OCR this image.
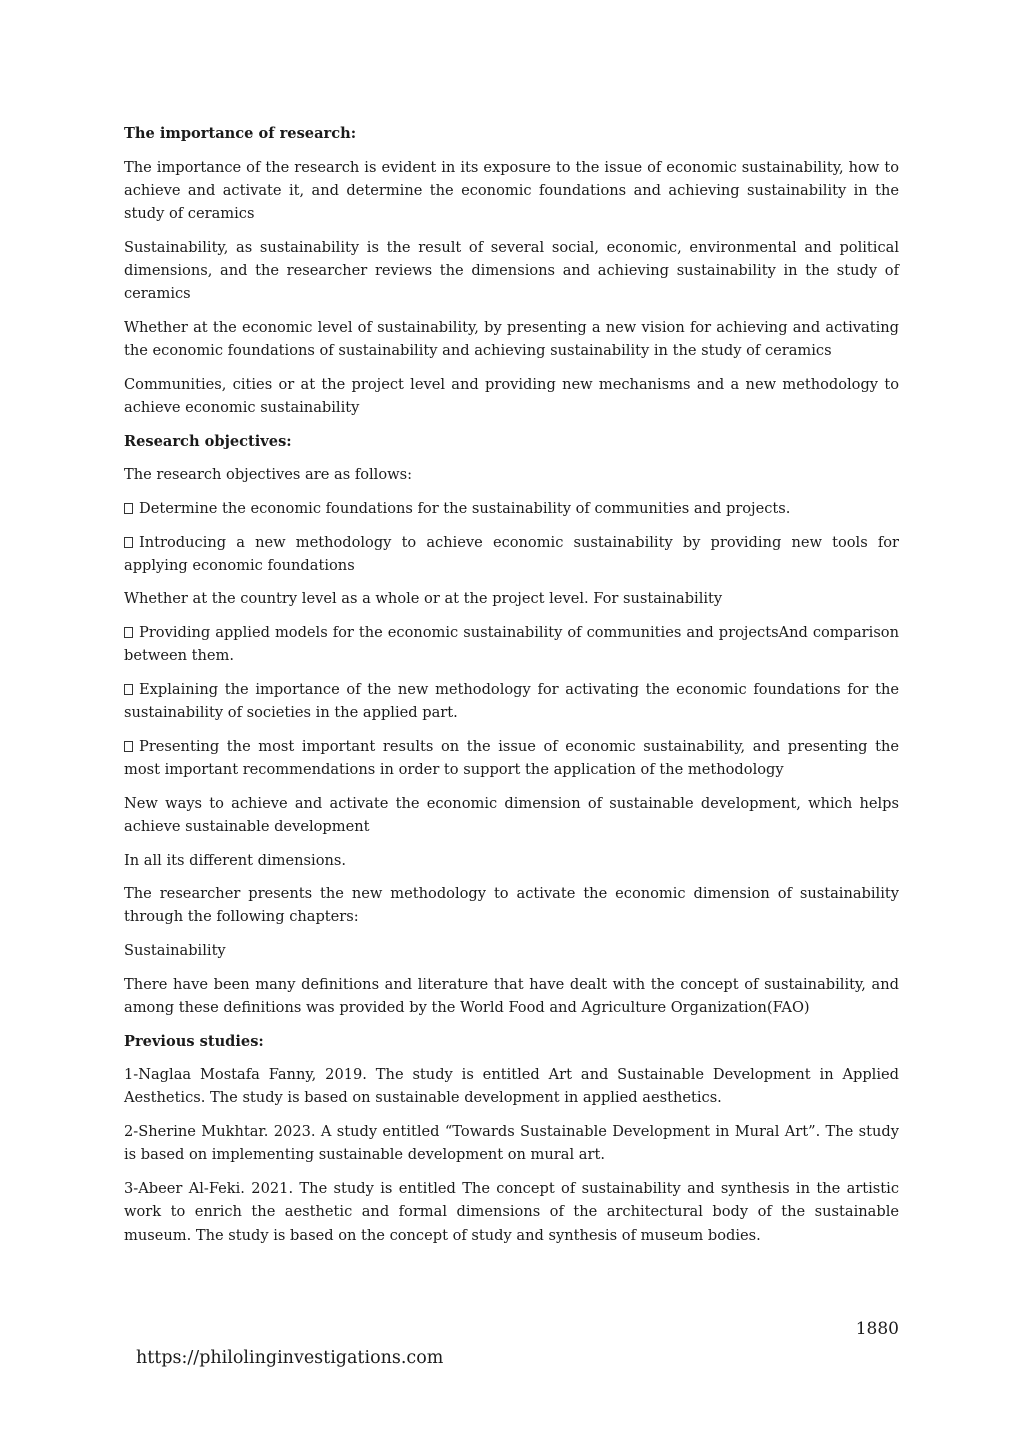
The importance of research:

The importance of the research is evident in its exposure to the issue of economic sustainability, how to achieve and activate it, and determine the economic foundations and achieving sustainability in the study of ceramics

Sustainability, as sustainability is the result of several social, economic, environmental and political dimensions, and the researcher reviews the dimensions and achieving sustainability in the study of ceramics

Whether at the economic level of sustainability, by presenting a new vision for achieving and activating the economic foundations of sustainability and achieving sustainability in the study of ceramics

Communities, cities or at the project level and providing new mechanisms and a new methodology to achieve economic sustainability

Research objectives:

The research objectives are as follows:

Determine the economic foundations for the sustainability of communities and projects.

Introducing a new methodology to achieve economic sustainability by providing new tools for applying economic foundations

Whether at the country level as a whole or at the project level. For sustainability

Providing applied models for the economic sustainability of communities and projectsAnd comparison between them.

Explaining the importance of the new methodology for activating the economic foundations for the sustainability of societies in the applied part.

Presenting the most important results on the issue of economic sustainability, and presenting the most important recommendations in order to support the application of the methodology

New ways to achieve and activate the economic dimension of sustainable development, which helps achieve sustainable development

In all its different dimensions.

The researcher presents the new methodology to activate the economic dimension of sustainability through the following chapters:

Sustainability

There have been many definitions and literature that have dealt with the concept of sustainability, and among these definitions was provided by the World Food and Agriculture Organization(FAO)

Previous studies:

1-Naglaa Mostafa Fanny, 2019. The study is entitled Art and Sustainable Development in Applied Aesthetics. The study is based on sustainable development in applied aesthetics.

2-Sherine Mukhtar. 2023. A study entitled “Towards Sustainable Development in Mural Art”. The study is based on implementing sustainable development on mural art.

3-Abeer Al-Feki. 2021. The study is entitled The concept of sustainability and synthesis in the artistic work to enrich the aesthetic and formal dimensions of the architectural body of the sustainable museum. The study is based on the concept of study and synthesis of museum bodies.

1880
https://philolinginvestigations.com
